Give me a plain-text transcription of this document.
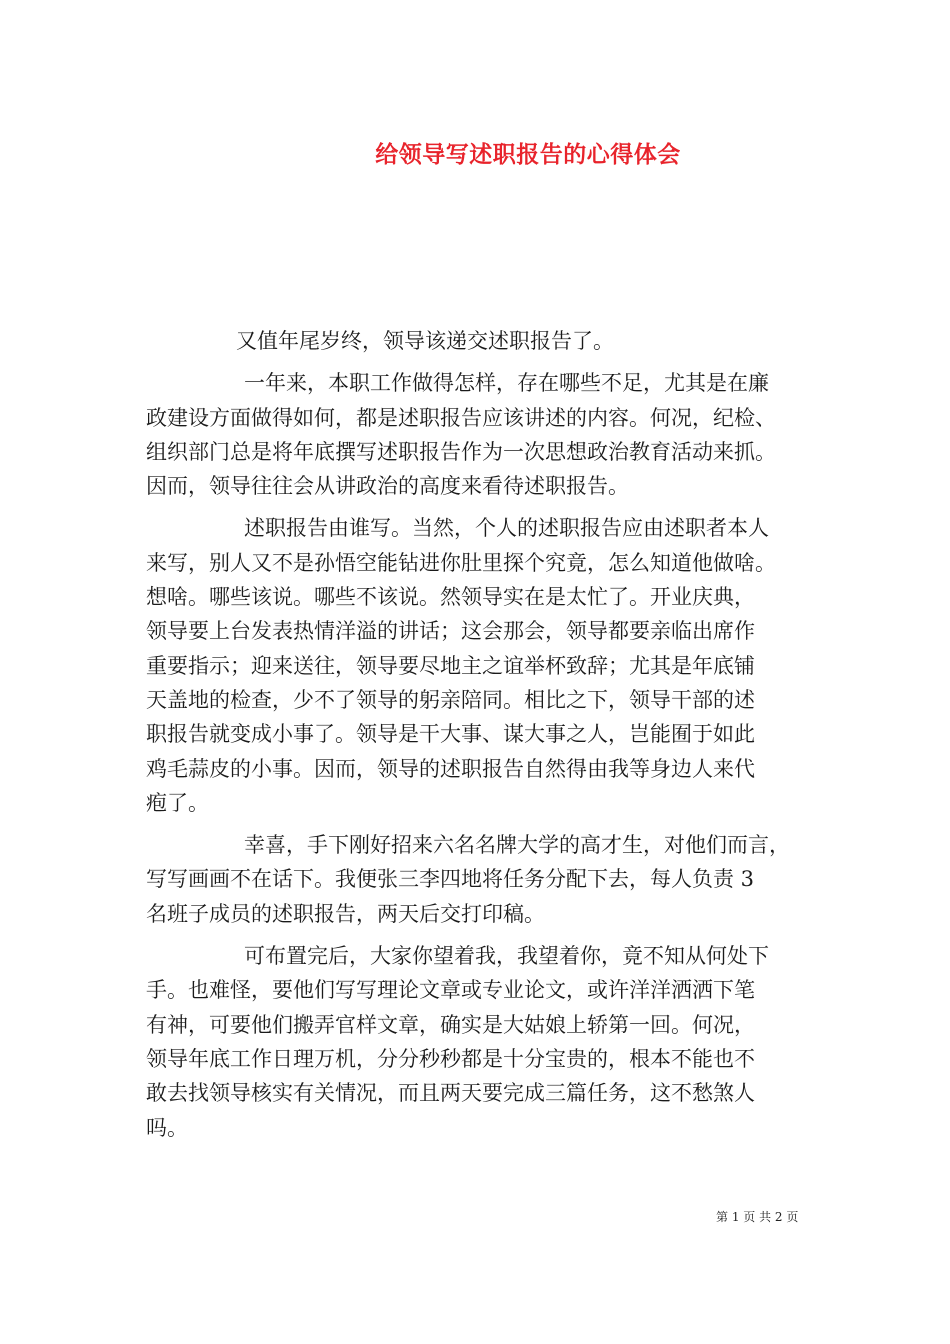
给领导写述职报告的心得体会
又值年尾岁终，领导该递交述职报告了。
一年来，本职工作做得怎样，存在哪些不足，尤其是在廉
政建设方面做得如何，都是述职报告应该讲述的内容。何况，纪检、
组织部门总是将年底撰写述职报告作为一次思想政治教育活动来抓。
因而，领导往往会从讲政治的高度来看待述职报告。
述职报告由谁写。当然，个人的述职报告应由述职者本人
来写，别人又不是孙悟空能钻进你肚里探个究竟，怎么知道他做啥。
想啥。哪些该说。哪些不该说。然领导实在是太忙了。开业庆典，
领导要上台发表热情洋溢的讲话；这会那会，领导都要亲临出席作
重要指示；迎来送往，领导要尽地主之谊举杯致辞；尤其是年底铺
天盖地的检查，少不了领导的躬亲陪同。相比之下，领导干部的述
职报告就变成小事了。领导是干大事、谋大事之人，岂能囿于如此
鸡毛蒜皮的小事。因而，领导的述职报告自然得由我等身边人来代
疱了。
幸喜，手下刚好招来六名名牌大学的高才生，对他们而言，
写写画画不在话下。我便张三李四地将任务分配下去，每人负责 3
名班子成员的述职报告，两天后交打印稿。
可布置完后，大家你望着我，我望着你，竟不知从何处下
手。也难怪，要他们写写理论文章或专业论文，或许洋洋洒洒下笔
有神，可要他们搬弄官样文章，确实是大姑娘上轿第一回。何况，
领导年底工作日理万机，分分秒秒都是十分宝贵的，根本不能也不
敢去找领导核实有关情况，而且两天要完成三篇任务，这不愁煞人
吗。
第 1 页 共 2 页
